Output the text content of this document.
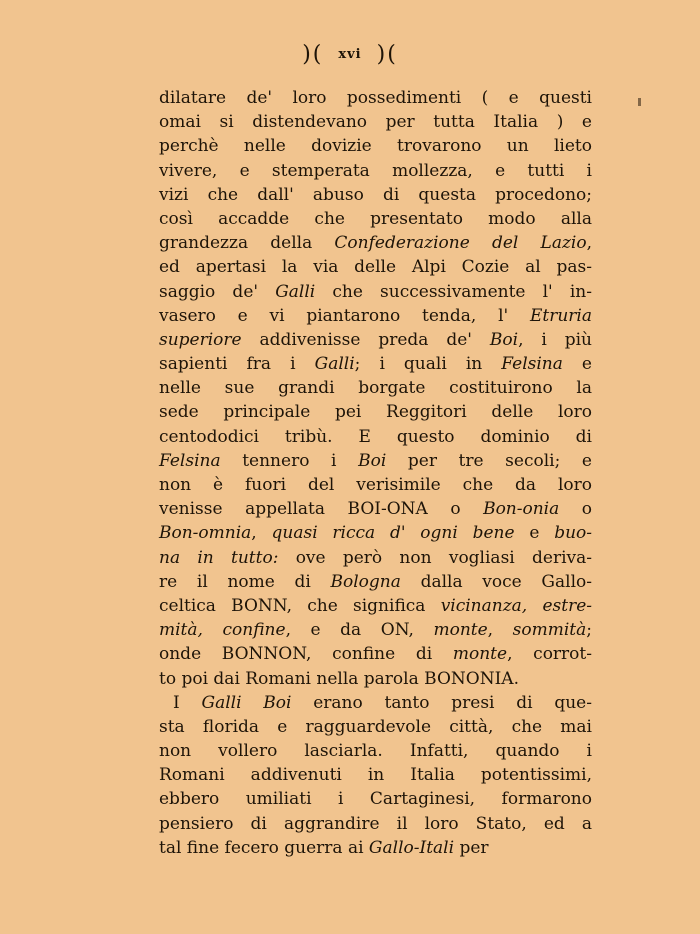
)( xvi )(
dilatare de' loro possedimenti ( e questi
omai si distendevano per tutta Italia ) e
perchè nelle dovizie trovarono un lieto
vivere, e stemperata mollezza, e tutti i
vizi che dall' abuso di questa procedono;
così accadde che presentato modo alla
grandezza della Confederazione del Lazio,
ed apertasi la via delle Alpi Cozie al pas-
saggio de' Galli che successivamente l' in-
vasero e vi piantarono tenda, l' Etruria
superiore addivenisse preda de' Boi, i più
sapienti fra i Galli; i quali in Felsina e
nelle sue grandi borgate costituirono la
sede principale pei Reggitori delle loro
centododici tribù. E questo dominio di
Felsina tennero i Boi per tre secoli; e
non è fuori del verisimile che da loro
venisse appellata BOI-ONA o Bon-onia o
Bon-omnia, quasi ricca d' ogni bene e buo-
na in tutto: ove però non vogliasi deriva-
re il nome di Bologna dalla voce Gallo-
celtica BONN, che significa vicinanza, estre-
mità, confine, e da ON, monte, sommità;
onde BONNON, confine di monte, corrot-
to poi dai Romani nella parola BONONIA.
I Galli Boi erano tanto presi di que-
sta florida e ragguardevole città, che mai
non vollero lasciarla. Infatti, quando i
Romani addivenuti in Italia potentissimi,
ebbero umiliati i Cartaginesi, formarono
pensiero di aggrandire il loro Stato, ed a
tal fine fecero guerra ai Gallo-Itali per
